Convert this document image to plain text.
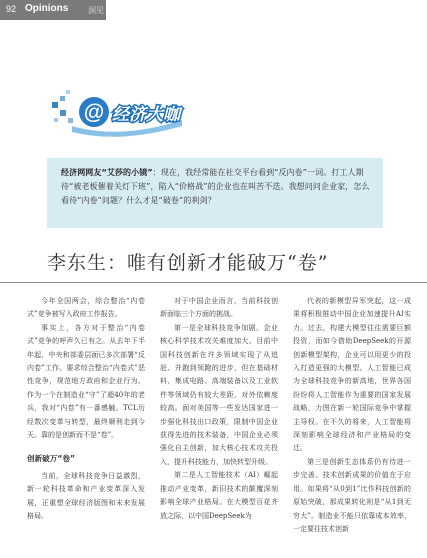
92 Opinions 洞见
@ 经济大咖
经济网网友“艾莎的小镜”：现在，我经常能在社交平台看到“反内卷”一词。打工人期待“被老板催着关灯下班”，陷入“价格战”的企业也在叫苦不迭。我想问问企业家，怎么看待“内卷”问题？什么才是“破卷”的利剑？
李东生：唯有创新才能破万“卷”

今年全国两会，综合整治“内卷式”竞争被写入政府工作报告。

事实上，各方对于整治“内卷式”竞争的呼声久已有之。从去年下半年起，中央和部委层面已多次部署“反内卷”工作。要求综合整治“内卷式”恶性竞争，规范地方政府和企业行为。作为一个在制造业“守”了超40年的老兵，我对“内卷”有一番感触。TCL历经数次变革与转型，最终顺利走到今天。靠的是创新而不是“卷”。

创新破万“卷”

当前，全球科技竞争日益激烈，新一轮科技革命和产业变革深入发展，正重塑全球经济版图和未来发展格局。

对于中国企业而言，当前科技创新面临三个方面的挑战。

第一是全球科技竞争加剧。企业核心科学技术攻关难度加大。目前中国科技创新在许多领域实现了从追赶、并跑到领跑的进步，但在基础材料、集成电路、高端装备以及工业软件等领域仍有较大差距，对外依赖度较高。面对美国等一些发达国家进一步强化科技出口政策，限制中国企业获得先进的技术装备，中国企业必须强化自主创新，加大核心技术攻关投入，提升科技能力，加快转型升级。

第二是人工智能技术（AI）崛起推动产业变革，新旧技术的颠覆深刻影响全球产业格局。在大模型百花齐放之际，以中国DeepSeek为

代表的新模型异军突起，这一成果将积极推动中国企业加速提升AI实力。过去，构建大模型往往需要巨额投资，而如今借助DeepSeek的开源创新模型架构，企业可以用更少的投入打造更强的大模型。人工智能已成为全球科技竞争的新高地，世界各国纷纷将人工智能作为重要的国家发展战略，力图在新一轮国际竞争中掌握主导权。在不久的将来，人工智能将深刻影响全球经济和产业格局的变迁。

第三是创新生态体系仍有待进一步完善。技术创新成果的价值在于应用。如果将“从0到1”比作科技创新的原始突破，那成果转化则是“从1到无穷大”。制造业不能只依靠成本效率，一定要往技术创新
